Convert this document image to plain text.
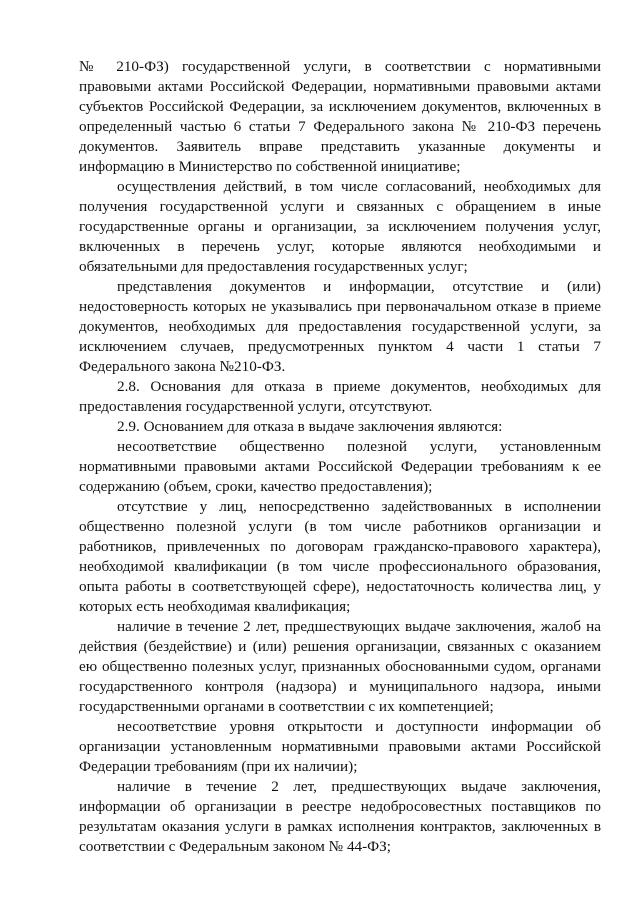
№ 210-ФЗ) государственной услуги, в соответствии с нормативными правовыми актами Российской Федерации, нормативными правовыми актами субъектов Российской Федерации, за исключением документов, включенных в определенный частью 6 статьи 7 Федерального закона № 210-ФЗ перечень документов. Заявитель вправе представить указанные документы и информацию в Министерство по собственной инициативе;

осуществления действий, в том числе согласований, необходимых для получения государственной услуги и связанных с обращением в иные государственные органы и организации, за исключением получения услуг, включенных в перечень услуг, которые являются необходимыми и обязательными для предоставления государственных услуг;

представления документов и информации, отсутствие и (или) недостоверность которых не указывались при первоначальном отказе в приеме документов, необходимых для предоставления государственной услуги, за исключением случаев, предусмотренных пунктом 4 части 1 статьи 7 Федерального закона №210-ФЗ.

2.8. Основания для отказа в приеме документов, необходимых для предоставления государственной услуги, отсутствуют.

2.9. Основанием для отказа в выдаче заключения являются:

несоответствие общественно полезной услуги, установленным нормативными правовыми актами Российской Федерации требованиям к ее содержанию (объем, сроки, качество предоставления);

отсутствие у лиц, непосредственно задействованных в исполнении общественно полезной услуги (в том числе работников организации и работников, привлеченных по договорам гражданско-правового характера), необходимой квалификации (в том числе профессионального образования, опыта работы в соответствующей сфере), недостаточность количества лиц, у которых есть необходимая квалификация;

наличие в течение 2 лет, предшествующих выдаче заключения, жалоб на действия (бездействие) и (или) решения организации, связанных с оказанием ею общественно полезных услуг, признанных обоснованными судом, органами государственного контроля (надзора) и муниципального надзора, иными государственными органами в соответствии с их компетенцией;

несоответствие уровня открытости и доступности информации об организации установленным нормативными правовыми актами Российской Федерации требованиям (при их наличии);

наличие в течение 2 лет, предшествующих выдаче заключения, информации об организации в реестре недобросовестных поставщиков по результатам оказания услуги в рамках исполнения контрактов, заключенных в соответствии с Федеральным законом № 44-ФЗ;
